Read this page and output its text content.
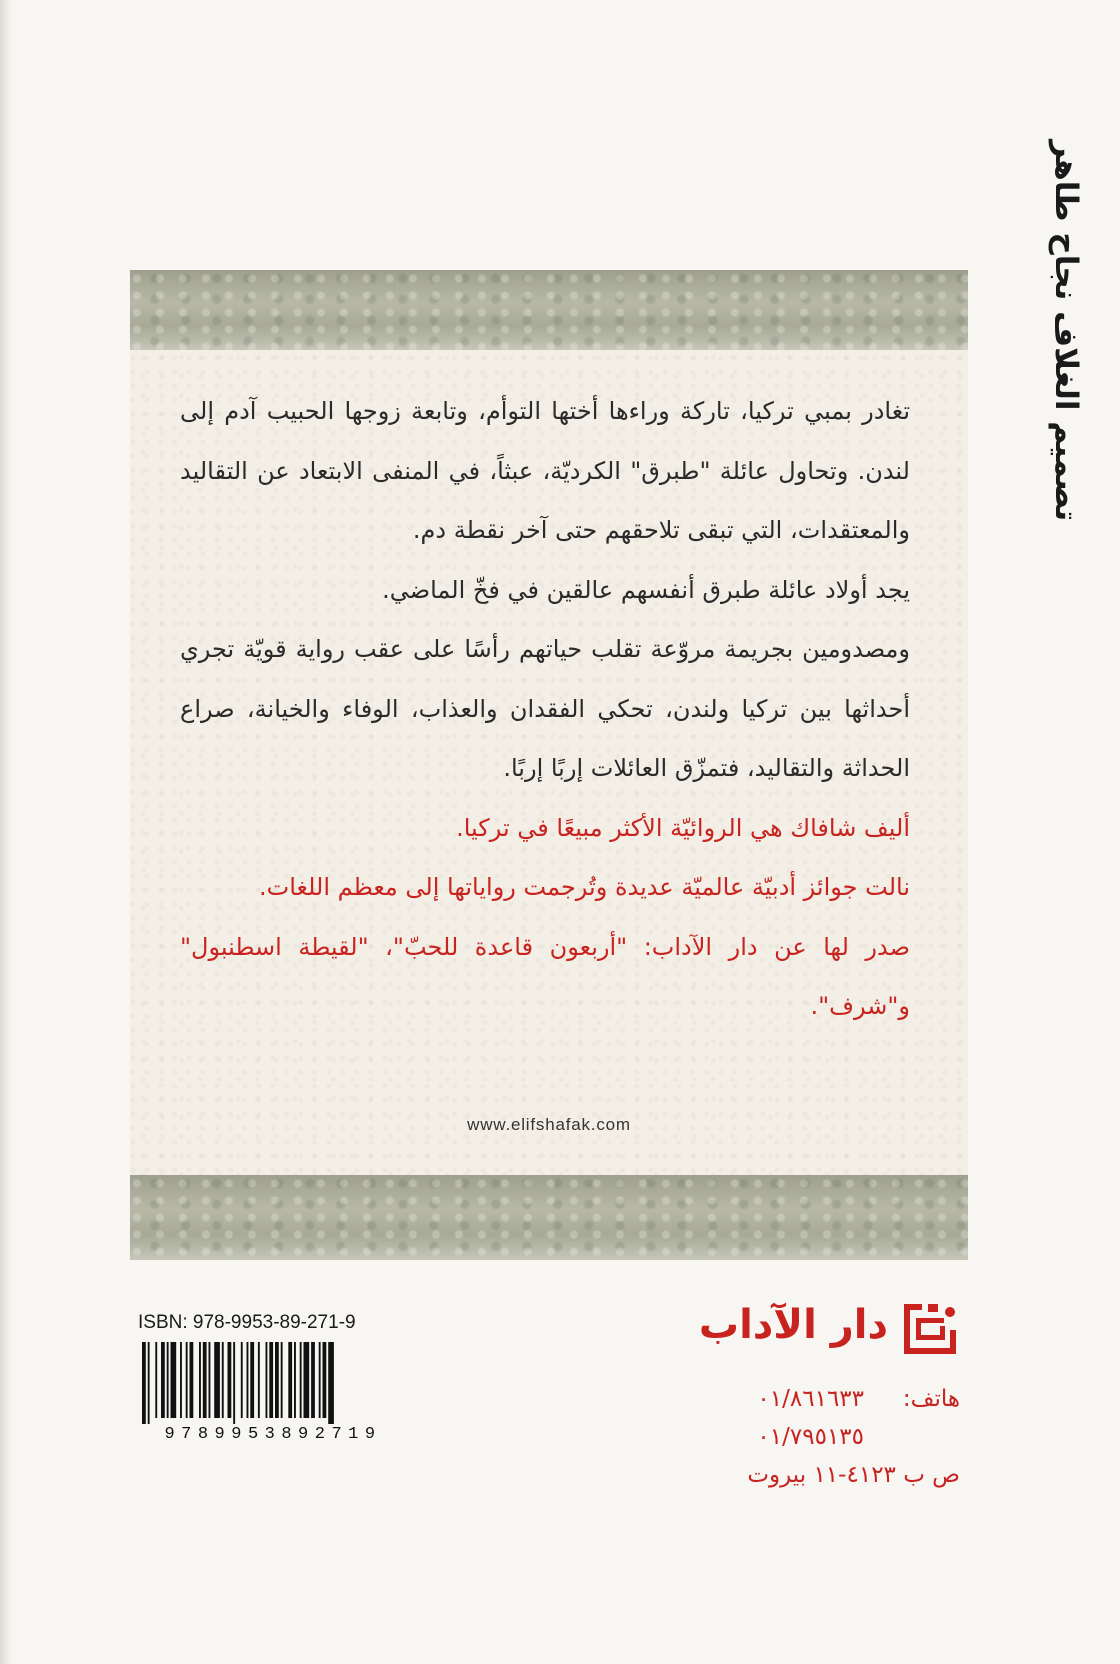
تصميم الغلاف نجاح طاهر

تغادر بمبي تركيا، تاركة وراءها أختها التوأم، وتابعة زوجها الحبيب آدم إلى لندن. وتحاول عائلة "طبرق" الكرديّة، عبثاً، في المنفى الابتعاد عن التقاليد والمعتقدات، التي تبقى تلاحقهم حتى آخر نقطة دم.

يجد أولاد عائلة طبرق أنفسهم عالقين في فخّ الماضي.

ومصدومين بجريمة مروّعة تقلب حياتهم رأسًا على عقب رواية قويّة تجري أحداثها بين تركيا ولندن، تحكي الفقدان والعذاب، الوفاء والخيانة، صراع الحداثة والتقاليد، فتمزّق العائلات إربًا إربًا.

أليف شافاك هي الروائيّة الأكثر مبيعًا في تركيا.

نالت جوائز أدبيّة عالميّة عديدة وتُرجمت رواياتها إلى معظم اللغات.

صدر لها عن دار الآداب: "أربعون قاعدة للحبّ"، "لقيطة اسطنبول" و"شرف".

www.elifshafak.com
دار الآداب
هاتف:٠١/٨٦١٦٣٣
٠١/٧٩٥١٣٥
ص ب ٤١٢٣-١١ بيروت
ISBN: 978-9953-89-271-9
9789953892719
